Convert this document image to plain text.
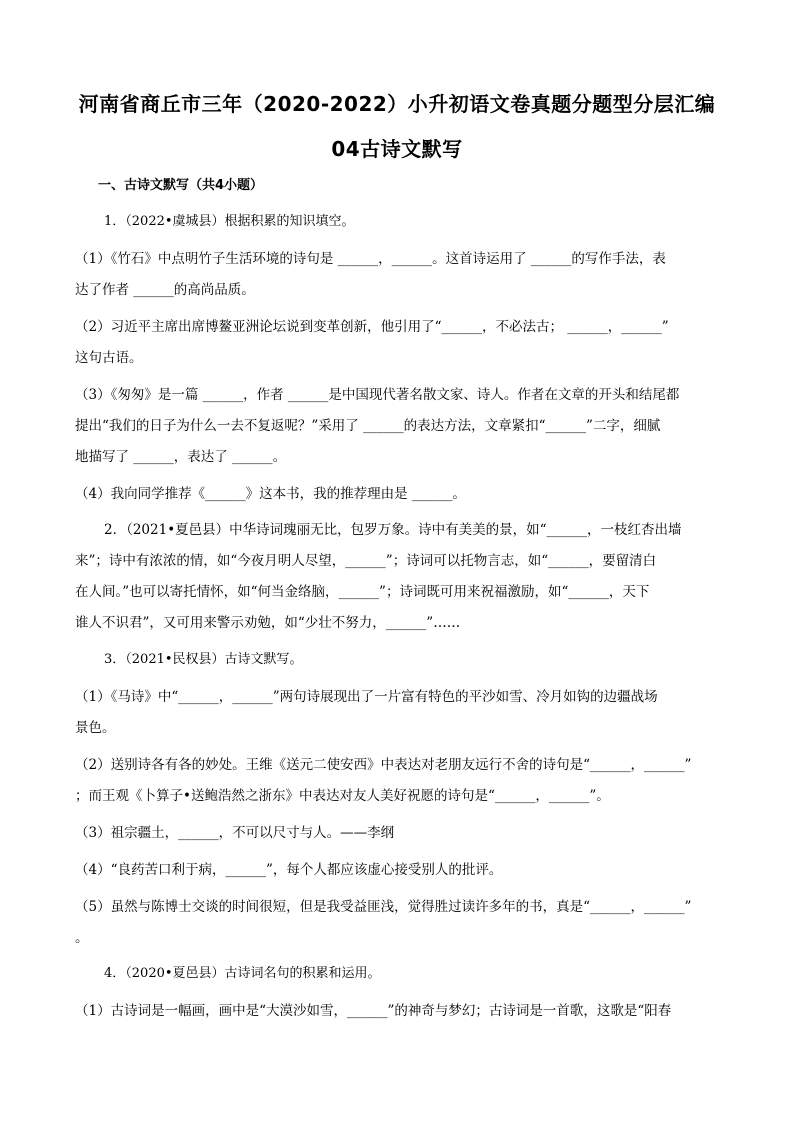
河南省商丘市三年（2020-2022）小升初语文卷真题分题型分层汇编
04古诗文默写
一、古诗文默写（共4小题）
1．（2022•虞城县）根据积累的知识填空。
（1）《竹石》中点明竹子生活环境的诗句是 ______，______。这首诗运用了 ______的写作手法，表
达了作者 ______的高尚品质。
（2）习近平主席出席博鳌亚洲论坛说到变革创新，他引用了“______，不必法古； ______，______”
这句古语。
（3）《匆匆》是一篇 ______，作者 ______是中国现代著名散文家、诗人。作者在文章的开头和结尾都
提出“我们的日子为什么一去不复返呢？”采用了 ______的表达方法，文章紧扣“______”二字，细腻
地描写了 ______，表达了 ______。
（4）我向同学推荐《______》这本书，我的推荐理由是 ______。
2．（2021•夏邑县）中华诗词瑰丽无比，包罗万象。诗中有美美的景，如“______，一枝红杏出墙
来”；诗中有浓浓的情，如“今夜月明人尽望，______”；诗词可以托物言志，如“______，要留清白
在人间。”也可以寄托情怀，如“何当金络脑，______”；诗词既可用来祝福激励，如“______，天下
谁人不识君”，又可用来警示劝勉，如“少壮不努力，______”……
3．（2021•民权县）古诗文默写。
（1）《马诗》中“______，______”两句诗展现出了一片富有特色的平沙如雪、冷月如钩的边疆战场
景色。
（2）送别诗各有各的妙处。王维《送元二使安西》中表达对老朋友远行不舍的诗句是“______，______”
；而王观《卜算子•送鲍浩然之浙东》中表达对友人美好祝愿的诗句是“______，______”。
（3）祖宗疆土，______，不可以尺寸与人。——李纲
（4）“良药苦口利于病，______”，每个人都应该虚心接受别人的批评。
（5）虽然与陈博士交谈的时间很短，但是我受益匪浅，觉得胜过读许多年的书，真是“______，______”
。
4．（2020•夏邑县）古诗词名句的积累和运用。
（1）古诗词是一幅画，画中是“大漠沙如雪，______”的神奇与梦幻；古诗词是一首歌，这歌是“阳春
